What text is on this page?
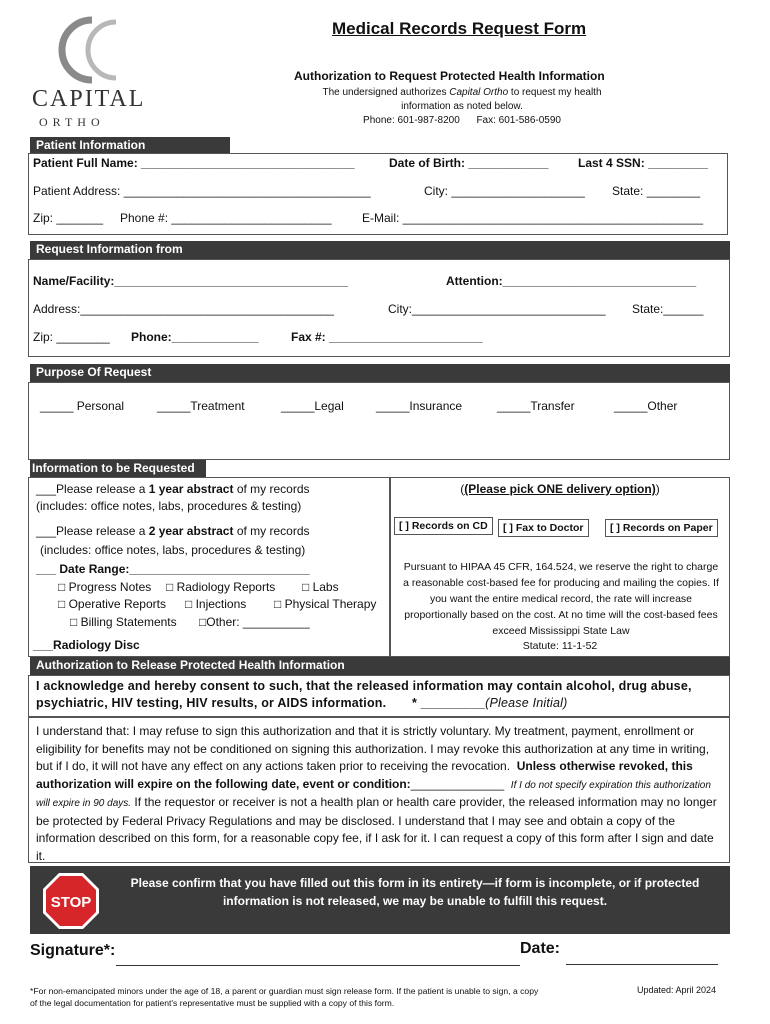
CAPITAL
ORTHO
Medical Records Request Form
Authorization to Request Protected Health Information
The undersigned authorizes Capital Ortho to request my health information as noted below.
Phone: 601-987-8200 Fax: 601-586-0590
Patient Information
Patient Full Name: ________________________________	Date of Birth: ____________ Last 4 SSN: _________
Patient Address: _____________________________________	City: ____________________ State: ________
Zip: _______ Phone #: ________________________	E-Mail: _____________________________________________
Request Information from
Name/Facility:___________________________________	Attention:_____________________________
Address:______________________________________	City:_____________________________ State:______
Zip: ________ Phone:_____________	Fax #: _______________________
Purpose Of Request
_____ Personal	_____Treatment	_____Legal	_____Insurance	_____Transfer	_____Other
Information to be Requested
___Please release a 1 year abstract of my records
(includes: office notes, labs, procedures & testing)
___Please release a 2 year abstract of my records
(includes: office notes, labs, procedures & testing)
___ Date Range:___________________________
□ Progress Notes □ Radiology Reports □ Labs
□ Operative Reports □ Injections □ Physical Therapy
□ Billing Statements □Other: __________
___Radiology Disc
((Please pick ONE delivery option))
[ ] Records on CD	[ ] Fax to Doctor	[ ] Records on Paper
Pursuant to HIPAA 45 CFR, 164.524, we reserve the right to charge a reasonable cost-based fee for producing and mailing the copies. If you want the entire medical record, the rate will increase proportionally based on the cost. At no time will the cost-based fees exceed Mississippi State Law
Statute: 11-1-52
Authorization to Release Protected Health Information
I acknowledge and hereby consent to such, that the released information may contain alcohol, drug abuse, psychiatric, HIV testing, HIV results, or AIDS information. * _________(Please Initial)
I understand that: I may refuse to sign this authorization and that it is strictly voluntary. My treatment, payment, enrollment or eligibility for benefits may not be conditioned on signing this authorization. I may revoke this authorization at any time in writing, but if I do, it will not have any effect on any actions taken prior to receiving the revocation. Unless otherwise revoked, this authorization will expire on the following date, event or condition:______________ If I do not specify expiration this authorization will expire in 90 days. If the requestor or receiver is not a health plan or health care provider, the released information may no longer be protected by Federal Privacy Regulations and may be disclosed. I understand that I may see and obtain a copy of the information described on this form, for a reasonable copy fee, if I ask for it. I can request a copy of this form after I sign and date it.
STOP
Please confirm that you have filled out this form in its entirety—if form is incomplete, or if protected information is not released, we may be unable to fulfill this request.
Signature*:	Date:
*For non-emancipated minors under the age of 18, a parent or guardian must sign release form. If the patient is unable to sign, a copy of the legal documentation for patient's representative must be supplied with a copy of this form.
Updated: April 2024
